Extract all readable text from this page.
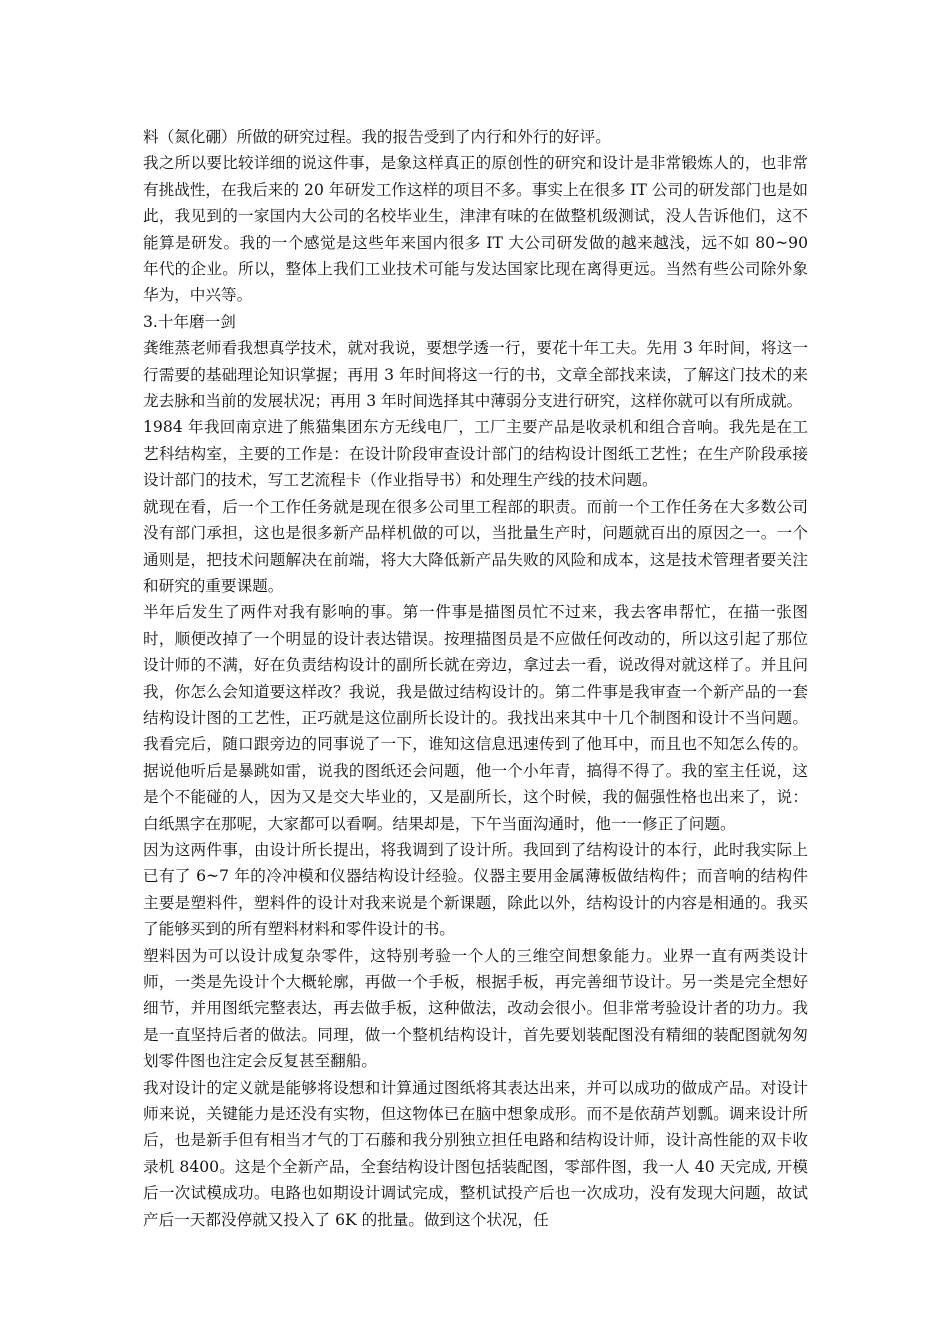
料（氮化硼）所做的研究过程。我的报告受到了内行和外行的好评。

我之所以要比较详细的说这件事，是象这样真正的原创性的研究和设计是非常锻炼人的，也非常有挑战性，在我后来的 20 年研发工作这样的项目不多。事实上在很多 IT 公司的研发部门也是如此，我见到的一家国内大公司的名校毕业生，津津有味的在做整机级测试，没人告诉他们，这不能算是研发。我的一个感觉是这些年来国内很多 IT 大公司研发做的越来越浅，远不如 80~90 年代的企业。所以，整体上我们工业技术可能与发达国家比现在离得更远。当然有些公司除外象华为，中兴等。

3.十年磨一剑

龚维蒸老师看我想真学技术，就对我说，要想学透一行，要花十年工夫。先用 3 年时间，将这一行需要的基础理论知识掌握；再用 3 年时间将这一行的书，文章全部找来读，了解这门技术的来龙去脉和当前的发展状况；再用 3 年时间选择其中薄弱分支进行研究，这样你就可以有所成就。

1984 年我回南京进了熊猫集团东方无线电厂，工厂主要产品是收录机和组合音响。我先是在工艺科结构室，主要的工作是：在设计阶段审查设计部门的结构设计图纸工艺性；在生产阶段承接设计部门的技术，写工艺流程卡（作业指导书）和处理生产线的技术问题。

就现在看，后一个工作任务就是现在很多公司里工程部的职责。而前一个工作任务在大多数公司没有部门承担，这也是很多新产品样机做的可以，当批量生产时，问题就百出的原因之一。一个通则是，把技术问题解决在前端，将大大降低新产品失败的风险和成本，这是技术管理者要关注和研究的重要课题。

半年后发生了两件对我有影响的事。第一件事是描图员忙不过来，我去客串帮忙，在描一张图时，顺便改掉了一个明显的设计表达错误。按理描图员是不应做任何改动的，所以这引起了那位设计师的不满，好在负责结构设计的副所长就在旁边，拿过去一看，说改得对就这样了。并且问我，你怎么会知道要这样改？我说，我是做过结构设计的。第二件事是我审查一个新产品的一套结构设计图的工艺性，正巧就是这位副所长设计的。我找出来其中十几个制图和设计不当问题。我看完后，随口跟旁边的同事说了一下，谁知这信息迅速传到了他耳中，而且也不知怎么传的。据说他听后是暴跳如雷，说我的图纸还会问题，他一个小年青，搞得不得了。我的室主任说，这是个不能碰的人，因为又是交大毕业的，又是副所长，这个时候，我的倔强性格也出来了，说：白纸黑字在那呢，大家都可以看啊。结果却是，下午当面沟通时，他一一修正了问题。

因为这两件事，由设计所长提出，将我调到了设计所。我回到了结构设计的本行，此时我实际上已有了 6~7 年的冷冲模和仪器结构设计经验。仪器主要用金属薄板做结构件；而音响的结构件主要是塑料件，塑料件的设计对我来说是个新课题，除此以外，结构设计的内容是相通的。我买了能够买到的所有塑料材料和零件设计的书。

塑料因为可以设计成复杂零件，这特别考验一个人的三维空间想象能力。业界一直有两类设计师，一类是先设计个大概轮廓，再做一个手板，根据手板，再完善细节设计。另一类是完全想好细节，并用图纸完整表达，再去做手板，这种做法，改动会很小。但非常考验设计者的功力。我是一直坚持后者的做法。同理，做一个整机结构设计，首先要划装配图没有精细的装配图就匆匆划零件图也注定会反复甚至翻船。

我对设计的定义就是能够将设想和计算通过图纸将其表达出来，并可以成功的做成产品。对设计师来说，关键能力是还没有实物，但这物体已在脑中想象成形。而不是依葫芦划瓢。调来设计所后，也是新手但有相当才气的丁石藤和我分别独立担任电路和结构设计师，设计高性能的双卡收录机 8400。这是个全新产品，全套结构设计图包括装配图，零部件图，我一人 40 天完成, 开模后一次试模成功。电路也如期设计调试完成，整机试投产后也一次成功，没有发现大问题，故试产后一天都没停就又投入了 6K 的批量。做到这个状况，任
